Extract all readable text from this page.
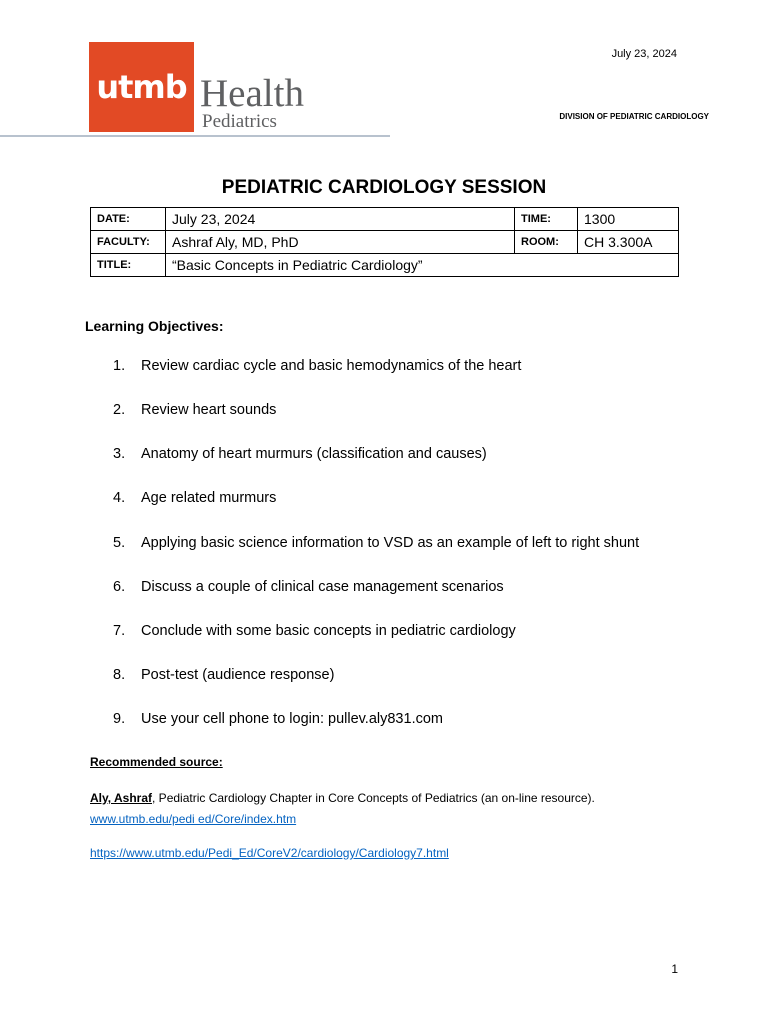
utmb Health
Pediatrics
July 23, 2024
DIVISION OF PEDIATRIC CARDIOLOGY
PEDIATRIC CARDIOLOGY SESSION
DATE:	July 23, 2024	TIME:	1300
FACULTY:	Ashraf Aly, MD, PhD	ROOM:	CH 3.300A
TITLE:	“Basic Concepts in Pediatric Cardiology”		
Learning Objectives:
1. Review cardiac cycle and basic hemodynamics of the heart
2. Review heart sounds
3. Anatomy of heart murmurs (classification and causes)
4. Age related murmurs
5. Applying basic science information to VSD as an example of left to right shunt
6. Discuss a couple of clinical case management scenarios
7. Conclude with some basic concepts in pediatric cardiology
8. Post-test (audience response)
9. Use your cell phone to login: pullev.aly831.com
Recommended source:
Aly, Ashraf, Pediatric Cardiology Chapter in Core Concepts of Pediatrics (an on-line resource).
www.utmb.edu/pedi ed/Core/index.htm
https://www.utmb.edu/Pedi_Ed/CoreV2/cardiology/Cardiology7.html
1
